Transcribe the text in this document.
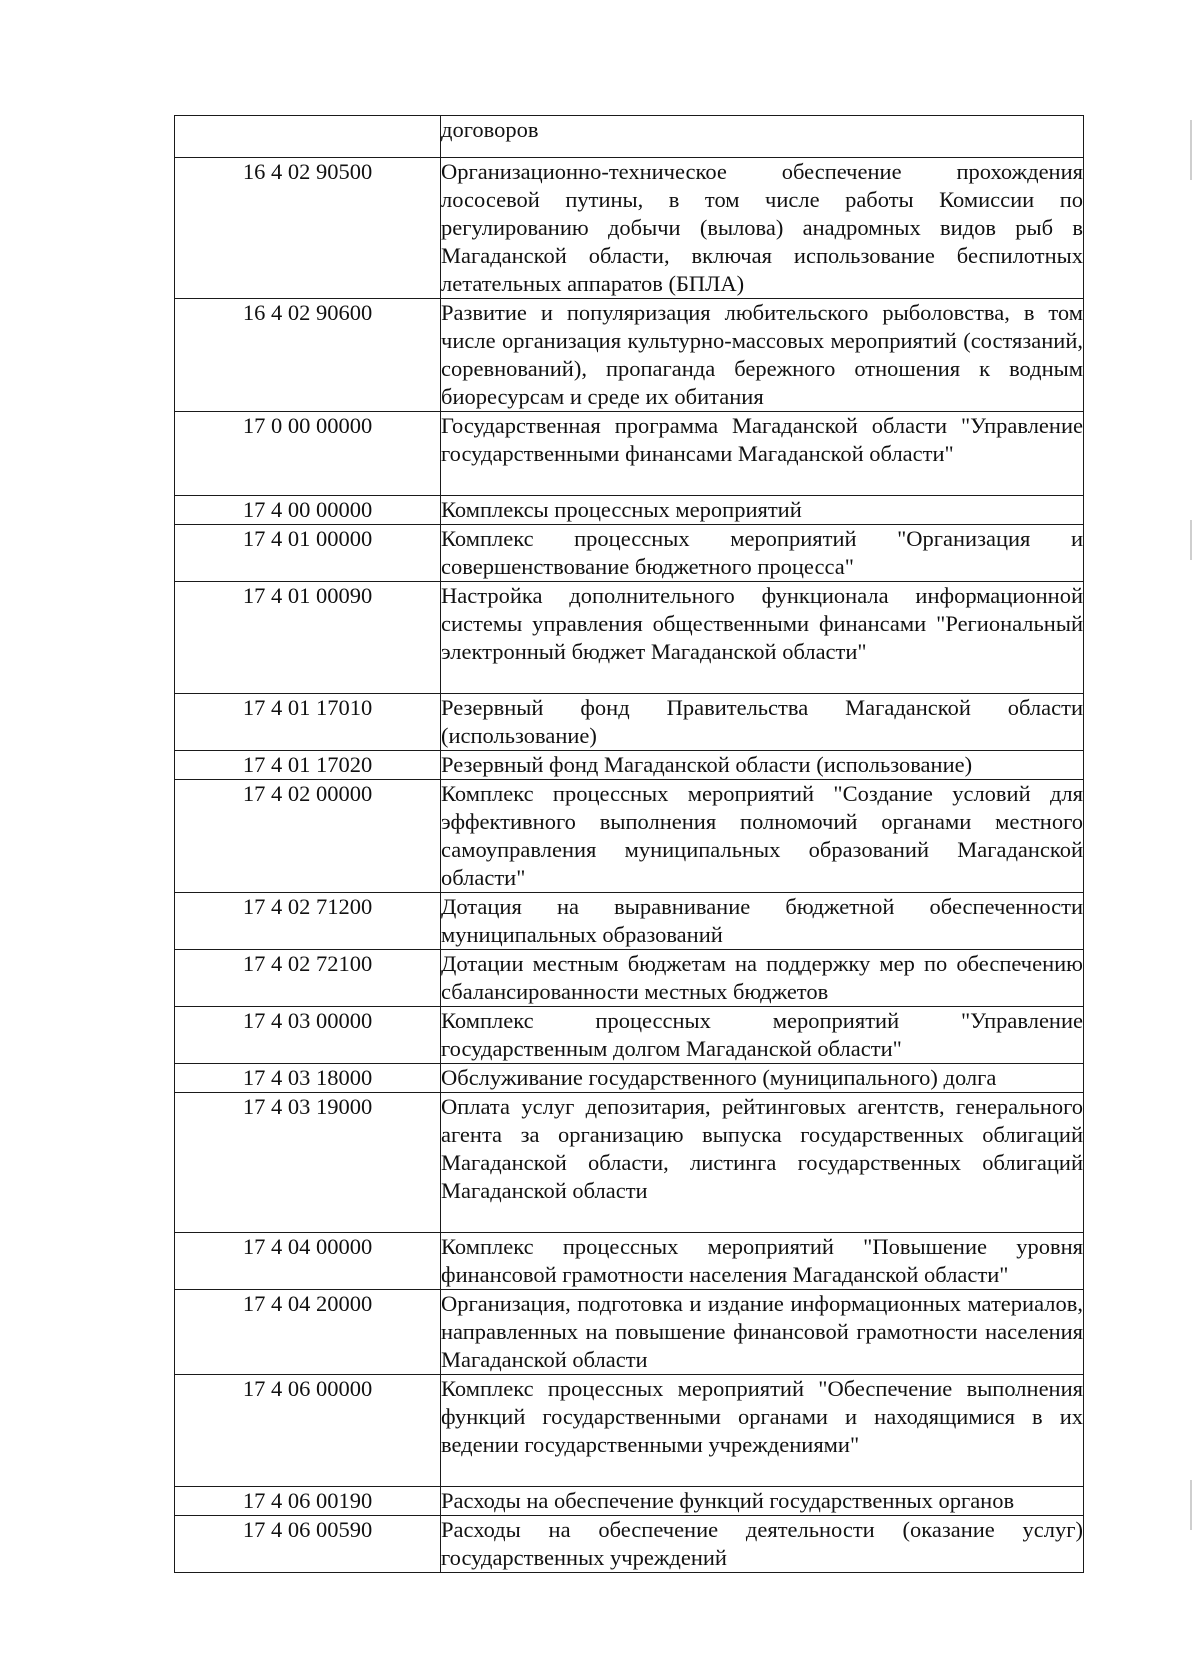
	договоров
16 4 02 90500	Организационно-техническое обеспечение прохождения лососевой путины, в том числе работы Комиссии по регулированию добычи (вылова) анадромных видов рыб в Магаданской области, включая использование беспилотных летательных аппаратов (БПЛА)
16 4 02 90600	Развитие и популяризация любительского рыболовства, в том числе организация культурно-массовых мероприятий (состязаний, соревнований), пропаганда бережного отношения к водным биоресурсам и среде их обитания
17 0 00 00000	Государственная программа Магаданской области "Управление государственными финансами Магаданской области"
17 4 00 00000	Комплексы процессных мероприятий
17 4 01 00000	Комплекс процессных мероприятий "Организация и совершенствование бюджетного процесса"
17 4 01 00090	Настройка дополнительного функционала информационной системы управления общественными финансами "Региональный электронный бюджет Магаданской области"
17 4 01 17010	Резервный фонд Правительства Магаданской области (использование)
17 4 01 17020	Резервный фонд Магаданской области (использование)
17 4 02 00000	Комплекс процессных мероприятий "Создание условий для эффективного выполнения полномочий органами местного самоуправления муниципальных образований Магаданской области"
17 4 02 71200	Дотация на выравнивание бюджетной обеспеченности муниципальных образований
17 4 02 72100	Дотации местным бюджетам на поддержку мер по обеспечению сбалансированности местных бюджетов
17 4 03 00000	Комплекс процессных мероприятий "Управление государственным долгом Магаданской области"
17 4 03 18000	Обслуживание государственного (муниципального) долга
17 4 03 19000	Оплата услуг депозитария, рейтинговых агентств, генерального агента за организацию выпуска государственных облигаций Магаданской области, листинга государственных облигаций Магаданской области
17 4 04 00000	Комплекс процессных мероприятий "Повышение уровня финансовой грамотности населения Магаданской области"
17 4 04 20000	Организация, подготовка и издание информационных материалов, направленных на повышение финансовой грамотности населения Магаданской области
17 4 06 00000	Комплекс процессных мероприятий "Обеспечение выполнения функций государственными органами и находящимися в их ведении государственными учреждениями"
17 4 06 00190	Расходы на обеспечение функций государственных органов
17 4 06 00590	Расходы на обеспечение деятельности (оказание услуг) государственных учреждений
